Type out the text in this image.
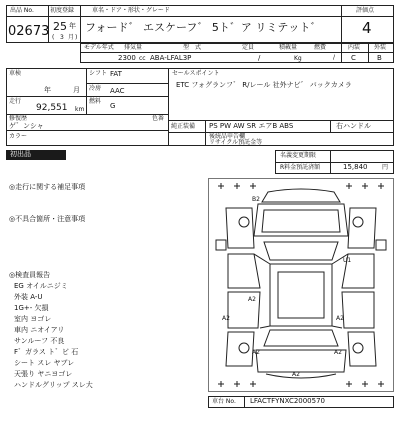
出品 No.
02673
初度登録
25 年
( 3 月 )
車名・ドア・形状・グレード
フォード゛ エスケーフ゛ 5ト゛ア リミテット゛
評価点
4
モデル年式 排気量	型　式	定員	積載量	燃費
2300 cc ABA-LFAL3P	/	Kg	/
内装 外装
C	B
車検
年	月
シフト FAT
冷房 AAC
走行
92,551 km
燃料
G
修復歴
ゲ゛ンシャ
色番
カラー
セールスポイント
ETC フォグランフ゛ R/レール 社外ナビ゛ バックカメラ
純正装備 PS PW AW SR エアB ABS	右ハンドル
後続品申告欄
リサイクル預託金等
初出品	名義変更期限
R料金預託済額	15,840 円
◎走行に関する補足事項
◎不具合箇所・注意事項
◎検査員報告
EG オイルニジミ
外装 A-U
1G+- 欠損
室内 ヨゴレ
車内 ニオイアリ
サンルーフ 不良
F゛ガラス ト゛ビ 石
シート スレ ヤブレ
天張り ヤニヨゴレ
ハンドルグリップ スレ大
B2
U1
A2
A2	A2
A2	A2
A2
車台 No. LFACTFYNXC2000570
